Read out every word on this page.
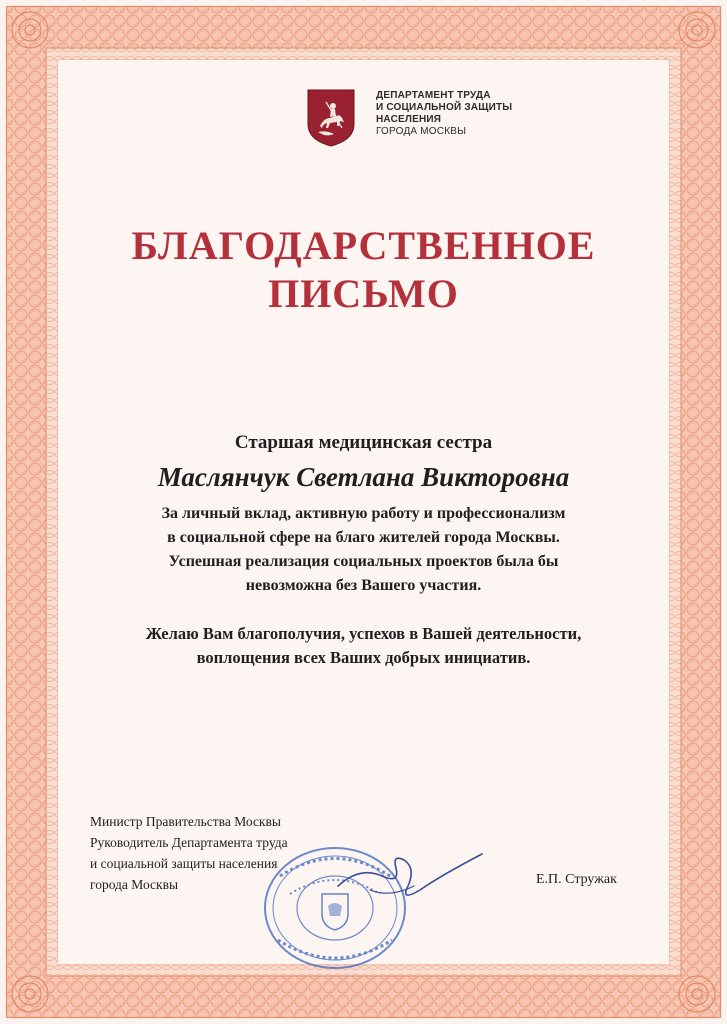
ДЕПАРТАМЕНТ ТРУДА
И СОЦИАЛЬНОЙ ЗАЩИТЫ
НАСЕЛЕНИЯ
ГОРОДА МОСКВЫ
БЛАГОДАРСТВЕННОЕ
ПИСЬМО
Старшая медицинская сестра
Маслянчук Светлана Викторовна
За личный вклад, активную работу и профессионализм
в социальной сфере на благо жителей города Москвы.
Успешная реализация социальных проектов была бы
невозможна без Вашего участия.
Желаю Вам благополучия, успехов в Вашей деятельности,
воплощения всех Ваших добрых инициатив.
Министр Правительства Москвы
Руководитель Департамента труда
и социальной защиты населения
города Москвы	Е.П. Стружак
